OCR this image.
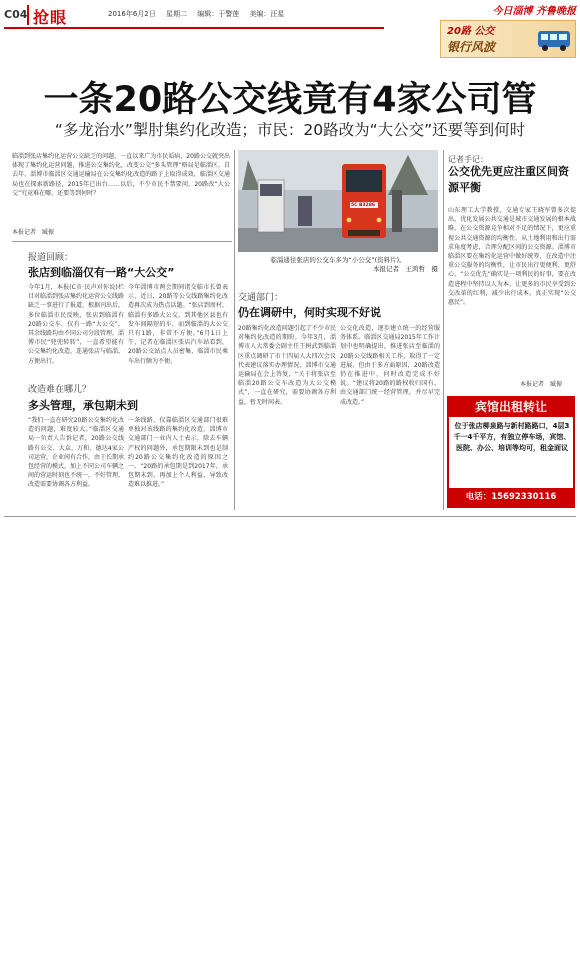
C04 抢眼	2016年6月2日 星期二 编辑：于警莲 美编：汪星	今日淄博 齐鲁晚报
20路 公交
银行风波
一条20路公交线竟有4家公司管
“多龙治水”掣肘集约化改造；市民：20路改为“大公交”还要等到何时
临淄到张店集约化运营公交缺乏的问题，一直以来广为市民诟病，20路公交就突出体现了集约化运营问题，推进公交集约化，改变公交“多头管理”格局是临淄区，自去年，淄博市临淄区交通运输局在公交集约化改造的路子上取得成效，临淄区交通局也在探索新路径，2015年已出台……以后，不少市民不禁要问，20路改“大公交”究竟难在哪，还要等到何时？
本报记者　臧振
报道回顾：
张店到临淄仅有一路“大公交”
今年1月，本报(C市·民声对你说)栏目对临淄到张店集约化运营公交线路缺乏一事进行了报道，根据刊出后，多位临淄市民反映，张店到临淄有20路公交车，仅有一路“大公交”，其余线路均由不同公司分段管理，淄博市民“兜兜转转”，一直希望能有公交集约化改造，连通张店与临淄，方便出行。
今年淄博市两会期间诸交临市长曾表示，近日，20路等公交线路集约化改造再次成为热点话题。“张店到周村，临淄有多路大公交，到其他区县也有发车间隔短的车，而到临淄的大公交只有1路，非常不方便。”6月1日上午，记者在临淄区张店汽车站看到，20路公交站点人员密集，临淄市民乘车出行颇为不便。
改造难在哪儿？
多头管理，承包期未到
“我们一直在研究20路公交集约化改造的问题，难度较大。”临淄区交通局一负责人告诉记者，20路公交线路有公交、大众、万和、德达4家公司运营，企业间有合作，由于长期承包经营的模式，加上不同公司车辆之间的营运时刻也不统一，不好管理，改造需要协调各方利益。
一条线路，仅靠临淄区交通部门很难单独对该线路的集约化改造。淄博市交通部门一业内人士表示，除去车辆产权的问题外，承包期限未到也是制约20路公交集约化改造的原因之一。“20路的承包期是到2017年，承包期未到，再加上个人利益，导致改造难以推进。”
5C B3286
临淄通往张店的公交车多为“小公交”(资料片)。
本报记者　王鸿哲　摄
交通部门：
仍在调研中，何时实现不好说
20路集约化改造问题引起了不少市民对集约化改造的期盼。今年3月，淄博市人大常委会副主任王树武到临淄区重点调研了市十四届人大四次会议代表建议落实办理情况，淄博市交通运输局在会上答复，“关于将张店至临淄20路公交车改造为大公交模式”，一直在研究，需要协调各方利益，暂无时间表。
公交化改造，逐步建立统一的经营服务体系。临淄区交通局2015年工作计划中也明确提出，推进张店至临淄的20路公交线路相关工作，取得了一定进展，但由于多方面原因，20路改造仍在推进中，何时改造完成不好说。“建议将20路的路权收归国有，由交通部门统一经营管理，并尽早完成改造。”
记者手记：
公交优先更应注重区间资源平衡
山东理工大学教授、交通专家王晓军曾多次提出，优化发展公共交通是城市交通发展的根本战略。在公交资源竞争相对不足的情况下，更应重视公共交通资源的均衡性，从土地利用和出行需求角度考虑，合理分配区间的公交资源。淄博市临淄区要在集约化运营中做好统筹，在改造中注重公交服务的均衡性，让市民出行更便利、更舒心。“公交优先”确实是一项利民的好事，要在改造进程中坚持以人为本，让更多的市民享受到公交改革的红利，减少出行成本，真正实现“公交惠民”。
本报记者　臧振
宾馆出租转让
位于张店柳泉路与新村路路口，4层3千一4千平方，有独立停车场，宾馆、医院、办公、培训等均可，租金面议
电话：15692330116
